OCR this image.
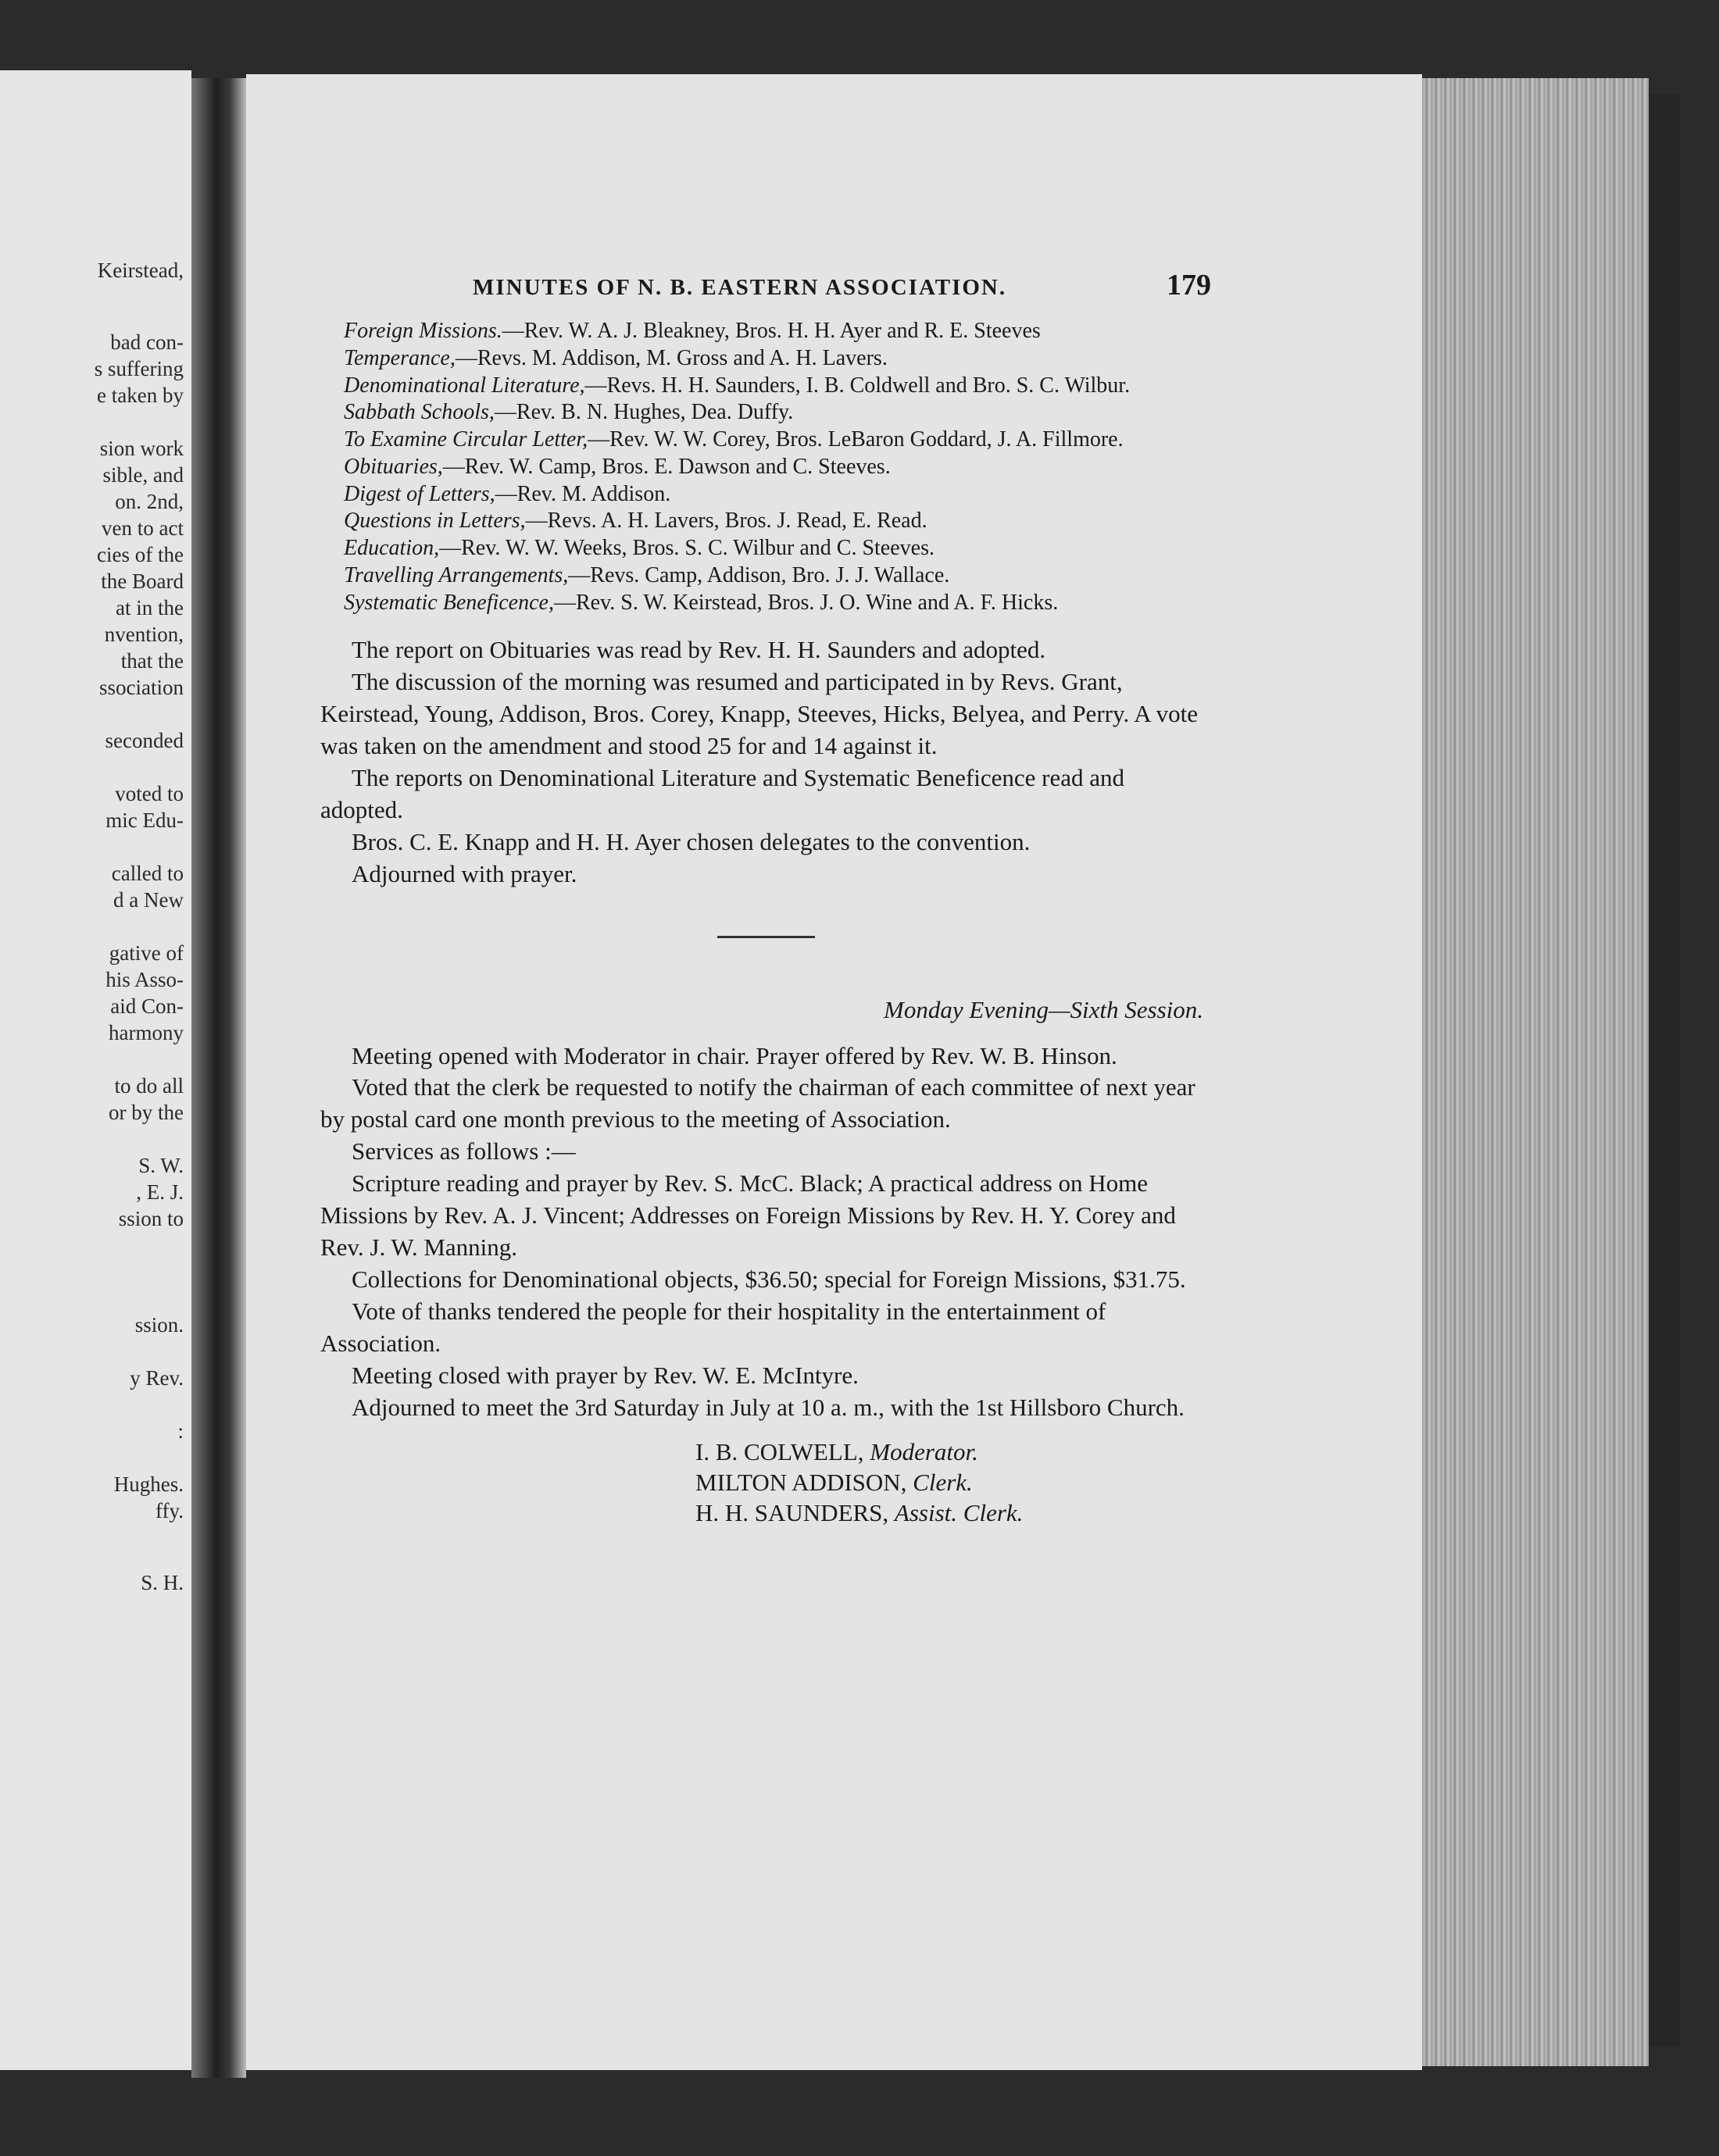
Keirstead,
bad con-
s suffering
e taken by
sion work
sible, and
on. 2nd,
ven to act
cies of the
the Board
at in the
nvention,
that the
ssociation
seconded
voted to
mic Edu-
called to
d a New
gative of
his Asso-
aid Con-
harmony
to do all
or by the
S. W.
, E. J.
ssion to
ssion.
y Rev.
:
Hughes.
ffy.
S. H.
MINUTES OF N. B. EASTERN ASSOCIATION.	179

Foreign Missions.—Rev. W. A. J. Bleakney, Bros. H. H. Ayer and R. E. Steeves

Temperance,—Revs. M. Addison, M. Gross and A. H. Lavers.

Denominational Literature,—Revs. H. H. Saunders, I. B. Coldwell and Bro. S. C. Wilbur.

Sabbath Schools,—Rev. B. N. Hughes, Dea. Duffy.

To Examine Circular Letter,—Rev. W. W. Corey, Bros. LeBaron Goddard, J. A. Fillmore.

Obituaries,—Rev. W. Camp, Bros. E. Dawson and C. Steeves.

Digest of Letters,—Rev. M. Addison.

Questions in Letters,—Revs. A. H. Lavers, Bros. J. Read, E. Read.

Education,—Rev. W. W. Weeks, Bros. S. C. Wilbur and C. Steeves.

Travelling Arrangements,—Revs. Camp, Addison, Bro. J. J. Wallace.

Systematic Beneficence,—Rev. S. W. Keirstead, Bros. J. O. Wine and A. F. Hicks.

The report on Obituaries was read by Rev. H. H. Saunders and adopted.

The discussion of the morning was resumed and participated in by Revs. Grant, Keirstead, Young, Addison, Bros. Corey, Knapp, Steeves, Hicks, Belyea, and Perry. A vote was taken on the amendment and stood 25 for and 14 against it.

The reports on Denominational Literature and Systematic Beneficence read and adopted.

Bros. C. E. Knapp and H. H. Ayer chosen delegates to the convention.

Adjourned with prayer.

Monday Evening—Sixth Session.

Meeting opened with Moderator in chair. Prayer offered by Rev. W. B. Hinson.

Voted that the clerk be requested to notify the chairman of each committee of next year by postal card one month previous to the meeting of Association.

Services as follows :—

Scripture reading and prayer by Rev. S. McC. Black; A practical address on Home Missions by Rev. A. J. Vincent; Addresses on Foreign Missions by Rev. H. Y. Corey and Rev. J. W. Manning.

Collections for Denominational objects, $36.50; special for Foreign Missions, $31.75.

Vote of thanks tendered the people for their hospitality in the entertainment of Association.

Meeting closed with prayer by Rev. W. E. McIntyre.

Adjourned to meet the 3rd Saturday in July at 10 a. m., with the 1st Hillsboro Church.

I. B. COLWELL, Moderator.
MILTON ADDISON, Clerk.
H. H. SAUNDERS, Assist. Clerk.
